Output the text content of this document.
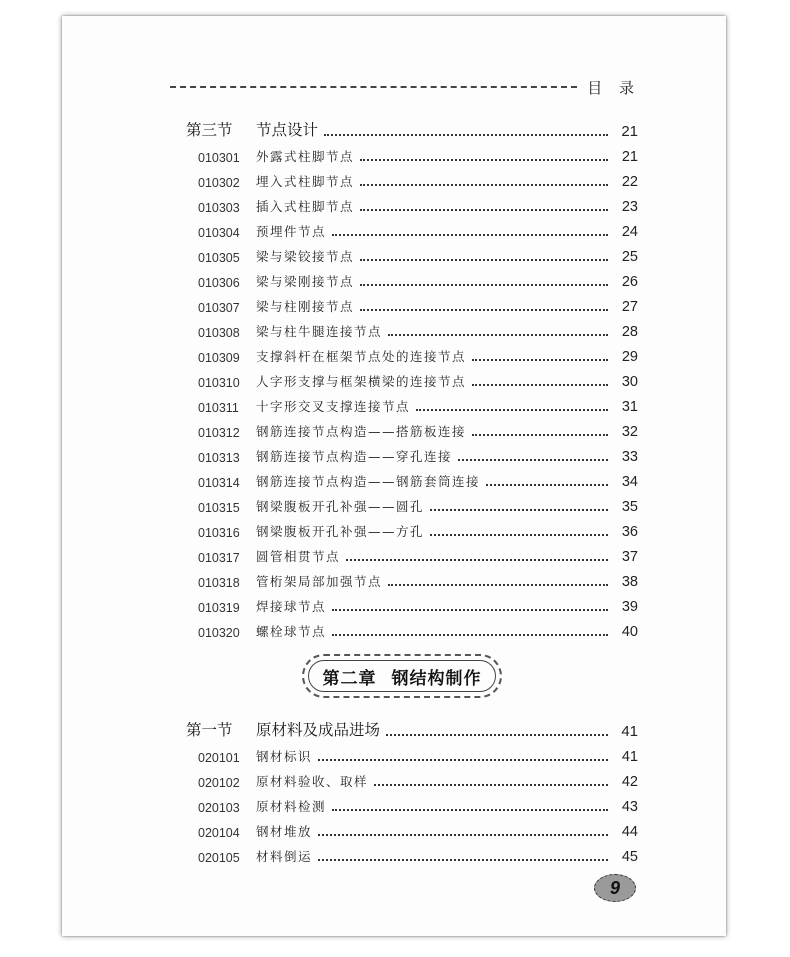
目 录
第三节	节点设计	21
010301	外露式柱脚节点	21
010302	埋入式柱脚节点	22
010303	插入式柱脚节点	23
010304	预埋件节点	24
010305	梁与梁铰接节点	25
010306	梁与梁刚接节点	26
010307	梁与柱刚接节点	27
010308	梁与柱牛腿连接节点	28
010309	支撑斜杆在框架节点处的连接节点	29
010310	人字形支撑与框架横梁的连接节点	30
010311	十字形交叉支撑连接节点	31
010312	钢筋连接节点构造——搭筋板连接	32
010313	钢筋连接节点构造——穿孔连接	33
010314	钢筋连接节点构造——钢筋套筒连接	34
010315	钢梁腹板开孔补强——圆孔	35
010316	钢梁腹板开孔补强——方孔	36
010317	圆管相贯节点	37
010318	管桁架局部加强节点	38
010319	焊接球节点	39
010320	螺栓球节点	40
第二章 钢结构制作
第一节	原材料及成品进场	41
020101	钢材标识	41
020102	原材料验收、取样	42
020103	原材料检测	43
020104	钢材堆放	44
020105	材料倒运	45
9
